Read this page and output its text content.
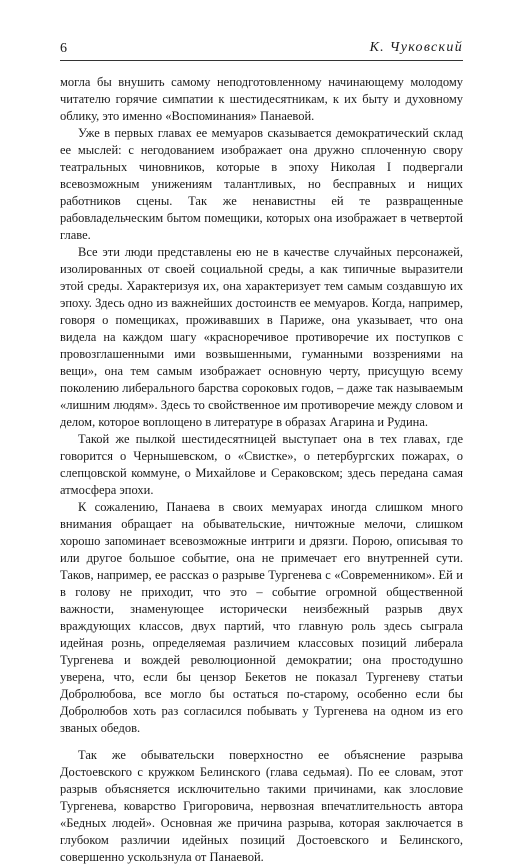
6	К. Чуковский

могла бы внушить самому неподготовленному начинающему молодому читателю горячие симпатии к шестидесятникам, к их быту и духовному облику, это именно «Воспоминания» Панаевой.

Уже в первых главах ее мемуаров сказывается демократический склад ее мыслей: с негодованием изображает она дружно сплоченную свору театральных чиновников, которые в эпоху Николая I подвергали всевозможным унижениям талантливых, но бесправных и нищих работников сцены. Так же ненавистны ей те развращенные рабовладельческим бытом помещики, которых она изображает в четвертой главе.

Все эти люди представлены ею не в качестве случайных персонажей, изолированных от своей социальной среды, а как типичные выразители этой среды. Характеризуя их, она характеризует тем самым создавшую их эпоху. Здесь одно из важнейших достоинств ее мемуаров. Когда, например, говоря о помещиках, проживавших в Париже, она указывает, что она видела на каждом шагу «красноречивое противоречие их поступков с провозглашенными ими возвышенными, гуманными воззрениями на вещи», она тем самым изображает основную черту, присущую всему поколению либерального барства сороковых годов, – даже так называемым «лишним людям». Здесь то свойственное им противоречие между словом и делом, которое воплощено в литературе в образах Агарина и Рудина.

Такой же пылкой шестидесятницей выступает она в тех главах, где говорится о Чернышевском, о «Свистке», о петербургских пожарах, о слепцовской коммуне, о Михайлове и Сераковском; здесь передана самая атмосфера эпохи.

К сожалению, Панаева в своих мемуарах иногда слишком много внимания обращает на обывательские, ничтожные мелочи, слишком хорошо запоминает всевозможные интриги и дрязги. Порою, описывая то или другое большое событие, она не примечает его внутренней сути. Таков, например, ее рассказ о разрыве Тургенева с «Современником». Ей и в голову не приходит, что это – событие огромной общественной важности, знаменующее исторически неизбежный разрыв двух враждующих классов, двух партий, что главную роль здесь сыграла идейная рознь, определяемая различием классовых позиций либерала Тургенева и вождей революционной демократии; она простодушно уверена, что, если бы цензор Бекетов не показал Тургеневу статьи Добролюбова, все могло бы остаться по-старому, особенно если бы Добролюбов хоть раз согласился побывать у Тургенева на одном из его званых обедов.

Так же обывательски поверхностно ее объяснение разрыва Достоевского с кружком Белинского (глава седьмая). По ее словам, этот разрыв объясняется исключительно такими причинами, как злословие Тургенева, коварство Григоровича, нервозная впечатлительность автора «Бедных людей». Основная же причина разрыва, которая заключается в глубоком различии идейных позиций Достоевского и Белинского, совершенно ускользнула от Панаевой.
